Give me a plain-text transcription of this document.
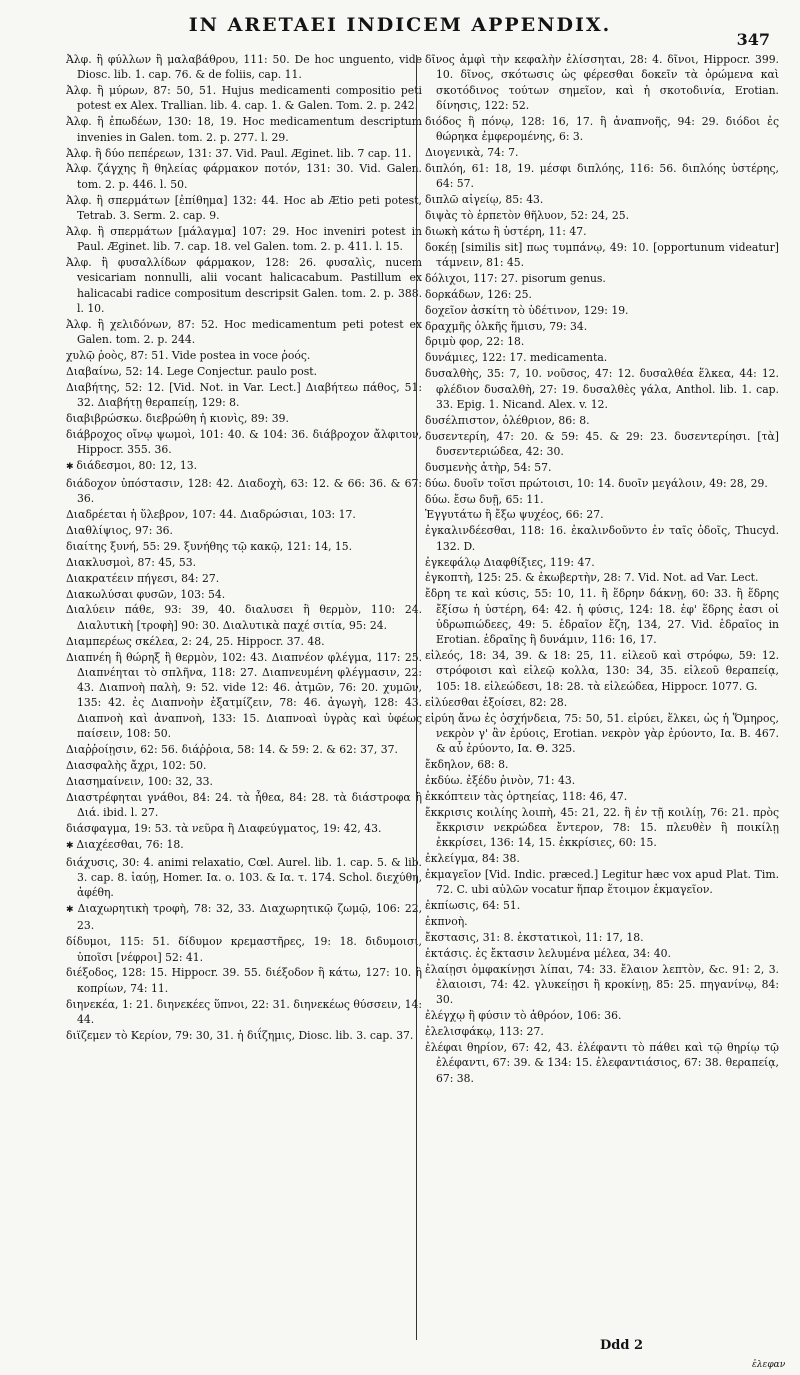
IN ARETAEI INDICEM APPENDIX.
347

Ἀλφ. ἣ φύλλων ἢ μαλαβάθρου, 111: 50. De hoc unguento, vide Diosc. lib. 1. cap. 76. & de foliis, cap. 11.

Ἀλφ. ἣ μύρων, 87: 50, 51. Hujus medicamenti compositio peti potest ex Alex. Trallian. lib. 4. cap. 1. & Galen. Tom. 2. p. 242.

Ἀλφ. ἣ ἐπωδέων, 130: 18, 19. Hoc medicamentum descriptum invenies in Galen. tom. 2. p. 277. l. 29.

Ἀλφ. ἣ δύο πεπέρεων, 131: 37. Vid. Paul. Æginet. lib. 7 cap. 11.

Ἀλφ. ζάγχης ἢ θηλείας φάρμακον ποτόν, 131: 30. Vid. Galen. tom. 2. p. 446. l. 50.

Ἀλφ. ἣ σπερμάτων [ἐπίθημα] 132: 44. Hoc ab Ætio peti potest, Tetrab. 3. Serm. 2. cap. 9.

Ἀλφ. ἣ σπερμάτων [μάλαγμα] 107: 29. Hoc inveniri potest in Paul. Æginet. lib. 7. cap. 18. vel Galen. tom. 2. p. 411. l. 15.

Ἀλφ. ἣ φυσαλλίδων φάρμακον, 128: 26. φυσαλὶς, nucem vesicariam nonnulli, alii vocant halicacabum. Pastillum ex halicacabi radice compositum descripsit Galen. tom. 2. p. 388. l. 10.

Ἀλφ. ἣ χελιδόνων, 87: 52. Hoc medicamentum peti potest ex Galen. tom. 2. p. 244.

χυλῷ ῥοὸς, 87: 51. Vide postea in voce ῥοός.

Διαβαίνω, 52: 14. Lege Conjectur. paulo post.

Διαβήτης, 52: 12. [Vid. Not. in Var. Lect.] Διαβήτεω πάθος, 51: 32. Διαβήτῃ θεραπείῃ, 129: 8.

διαβιβρώσκω. διεβρώθη ἡ κιονὶς, 89: 39.

διάβροχος οἴνῳ ψωμοὶ, 101: 40. & 104: 36. διάβροχον ἄλφιτον, Hippocr. 355. 36.

✱ διάδεσμοι, 80: 12, 13.

διάδοχον ὑπόστασιν, 128: 42. Διαδοχὴ, 63: 12. & 66: 36. & 67: 36.

Διαδρέεται ἡ ὕλεβρον, 107: 44. Διαδρώσιαι, 103: 17.

Διαθλίψιος, 97: 36.

διαίτης ξυνή, 55: 29. ξυνήθης τῷ κακῷ, 121: 14, 15.

Διακλυσμοὶ, 87: 45, 53.

Διακρατέειν πήγεσι, 84: 27.

Διακωλύσαι φυσῶν, 103: 54.

Διαλύειν πάθε, 93: 39, 40. διαλυσει ἣ θερμὸν, 110: 24. Διαλυτικὴ [τροφὴ] 90: 30. Διαλυτικὰ παχέ σιτία, 95: 24.

Διαμπερέως σκέλεα, 2: 24, 25. Hippocr. 37. 48.

Διαπνέη ἣ θώρηξ ἢ θερμὸν, 102: 43. Διαπνέον φλέγμα, 117: 25. Διαπνέηται τὸ σπλῆνα, 118: 27. Διαπνευμένη φλέγμασιν, 22: 43. Διαπνοὴ παλὴ, 9: 52. vide 12: 46. ἀτμῶν, 76: 20. χυμῶν, 135: 42. ἐς Διαπνοὴν ἐξατμίζειν, 78: 46. ἀγωγὴ, 128: 43. Διαπνοὴ καὶ ἀναπνοὴ, 133: 15. Διαπνοαὶ ὑγρὰς καὶ ὑφέως παίσειν, 108: 50.

Διαῤῥοίῃσιν, 62: 56. διάῤῥοια, 58: 14. & 59: 2. & 62: 37, 37.

Διασφαλὴς ἄχρι, 102: 50.

Διασημαίνειν, 100: 32, 33.

Διαστρέφηται γνάθοι, 84: 24. τὰ ἦθεα, 84: 28. τὰ διάστροφα ἣ Διά. ibid. l. 27.

διάσφαγμα, 19: 53. τὰ νεῦρα ἢ Διαφεύγματος, 19: 42, 43.

✱ Διαχέεσθαι, 76: 18.

διάχυσις, 30: 4. animi relaxatio, Cœl. Aurel. lib. 1. cap. 5. & lib. 3. cap. 8. ἰαύῃ, Homer. Ια. ο. 103. & Ια. τ. 174. Schol. διεχύθη, ἀφέθη.

✱ Διαχωρητικὴ τροφὴ, 78: 32, 33. Διαχωρητικῷ ζωμῷ, 106: 22, 23.

δίδυμοι, 115: 51. δίδυμον κρεμαστῆρες, 19: 18. διδυμοισι, ὑποῖσι [νέφροι] 52: 41.

διέξοδος, 128: 15. Hippocr. 39. 55. διέξοδον ἣ κάτω, 127: 10. ἣ κοπρίων, 74: 11.

διηνεκέα, 1: 21. διηνεκέες ὕπνοι, 22: 31. διηνεκέως θύσσειν, 14: 44.

διϊζεμεν τὸ Κερίον, 79: 30, 31. ἡ διΐζημις, Diosc. lib. 3. cap. 37.

δῖνος ἀμφὶ τὴν κεφαλὴν ἐλίσσηται, 28: 4. δῖνοι, Hippocr. 399. 10. δῖνος, σκότωσις ὡς φέρεσθαι δοκεῖν τὰ ὁρώμενα καὶ σκοτόδινος τούτων σημεῖον, καὶ ἡ σκοτοδινία, Erotian. δίνησις, 122: 52.

διόδος ἣ πόνῳ, 128: 16, 17. ἣ ἀναπνοῆς, 94: 29. διόδοι ἐς θώρηκα ἐμφερομένης, 6: 3.

Διογενικὰ, 74: 7.

διπλόη, 61: 18, 19. μέσφι διπλόης, 116: 56. διπλόης ὑστέρης, 64: 57.

διπλῶ αἰγείῳ, 85: 43.

διψὰς τὸ ἑρπετὸν θῆλυον, 52: 24, 25.

διωκὴ κάτω ἣ ὑστέρη, 11: 47.

δοκέῃ [similis sit] πως τυμπάνῳ, 49: 10. [opportunum videatur] τάμνειν, 81: 45.

δόλιχοι, 117: 27. pisorum genus.

δορκάδων, 126: 25.

δοχεῖον ἀσκίτη τὸ ὑδέτινον, 129: 19.

δραχμῆς ὁλκῆς ἥμισυ, 79: 34.

δριμὺ φορ, 22: 18.

δυνάμιες, 122: 17. medicamenta.

δυσαλθὴς, 35: 7, 10. νοῦσος, 47: 12. δυσαλθέα ἕλκεα, 44: 12. φλέδιον δυσαλθὴ, 27: 19. δυσαλθὲς γάλα, Anthol. lib. 1. cap. 33. Epig. 1. Nicand. Alex. v. 12.

δυσέλπιστον, ὀλέθριον, 86: 8.

δυσεντερίη, 47: 20. & 59: 45. & 29: 23. δυσεντερίησι. [τὰ] δυσεντεριώδεα, 42: 30.

δυσμενὴς ἀτὴρ, 54: 57.

δύω. δυοῖν τοῖσι πρώτοισι, 10: 14. δυοῖν μεγάλοιν, 49: 28, 29.

δύω. ἔσω δυῇ, 65: 11.

Ἐγγυτάτω ἢ ἔξω ψυχέος, 66: 27.

ἐγκαλινδέεσθαι, 118: 16. ἐκαλινδοῦντο ἐν ταῖς ὁδοῖς, Thucyd. 132. D.

ἐγκεφάλῳ Διαφθίξιες, 119: 47.

ἐγκοπτὴ, 125: 25. & ἐκωβερτὴν, 28: 7. Vid. Not. ad Var. Lect.

ἔδρη τε καὶ κύσις, 55: 10, 11. ἣ ἕδρην δάκνῃ, 60: 33. ἣ ἕδρης ἔξίσω ἡ ὑστέρη, 64: 42. ἡ φύσις, 124: 18. ἐφ' ἕδρης ἐασι οἱ ὑδρωπιώδεες, 49: 5. ἑδραῖον ἔζη, 134, 27. Vid. ἑδραῖος in Erotian. ἑδραῖης ἣ δυνάμιν, 116: 16, 17.

εἰλεός, 18: 34, 39. & 18: 25, 11. εἰλεοῦ καὶ στρόφω, 59: 12. στρόφοισι καὶ εἰλεῷ κολλα, 130: 34, 35. εἰλεοῦ θεραπείᾳ, 105: 18. εἰλεώδεσι, 18: 28. τὰ εἰλεώδεα, Hippocr. 1077. G.

εἰλύεσθαι ἐξοίσει, 82: 28.

εἰρύη ἄνω ἐς ὀσχήνδεια, 75: 50, 51. εἰρύει, ἕλκει, ὡς ἡ Ὅμηρος, νεκρὸν γ' ἂν ἐρύοις, Erotian. νεκρὸν γὰρ ἐρύοντο, Ια. Β. 467. & αὖ ἐρύοντο, Ια. Θ. 325.

ἔκδηλον, 68: 8.

ἐκδύω. ἐξέδυ ῥινὸν, 71: 43.

ἐκκόπτειν τὰς ὀρτηείας, 118: 46, 47.

ἔκκρισις κοιλίης λοιπὴ, 45: 21, 22. ἣ ἐν τῇ κοιλίῃ, 76: 21. πρὸς ἔκκρισιν νεκρώδεα ἔντερον, 78: 15. πλευθὲν ἣ ποικίλῃ ἐκκρίσει, 136: 14, 15. ἐκκρίσιες, 60: 15.

ἐκλείγμα, 84: 38.

ἐκμαγεῖον [Vid. Indic. præced.] Legitur hæc vox apud Plat. Tim. 72. C. ubi αὐλῶν vocatur ἥπαρ ἕτοιμον ἐκμαγεῖον.

ἐκπίωσις, 64: 51.

ἐκπνοὴ.

ἔκστασις, 31: 8. ἐκστατικοὶ, 11: 17, 18.

ἐκτάσις. ἐς ἔκτασιν λελυμένα μέλεα, 34: 40.

ἐλαίῃσι ὀμφακίνῃσι λίπαι, 74: 33. ἔλαιον λεπτὸν, &c. 91: 2, 3. ἐλαιοισι, 74: 42. γλυκείῃσι ἢ κροκίνῃ, 85: 25. πηγανίνῳ, 84: 30.

ἐλέγχῳ ἣ φύσιν τὸ ἀθρόον, 106: 36.

ἐλελισφάκῳ, 113: 27.

ἐλέφαι θηρίον, 67: 42, 43. ἐλέφαντι τὸ πάθει καὶ τῷ θηρίῳ τῷ ἐλέφαντι, 67: 39. & 134: 15. ἐλεφαντιάσιος, 67: 38. θεραπείᾳ, 67: 38.

Ddd 2
ἐλεφαν
